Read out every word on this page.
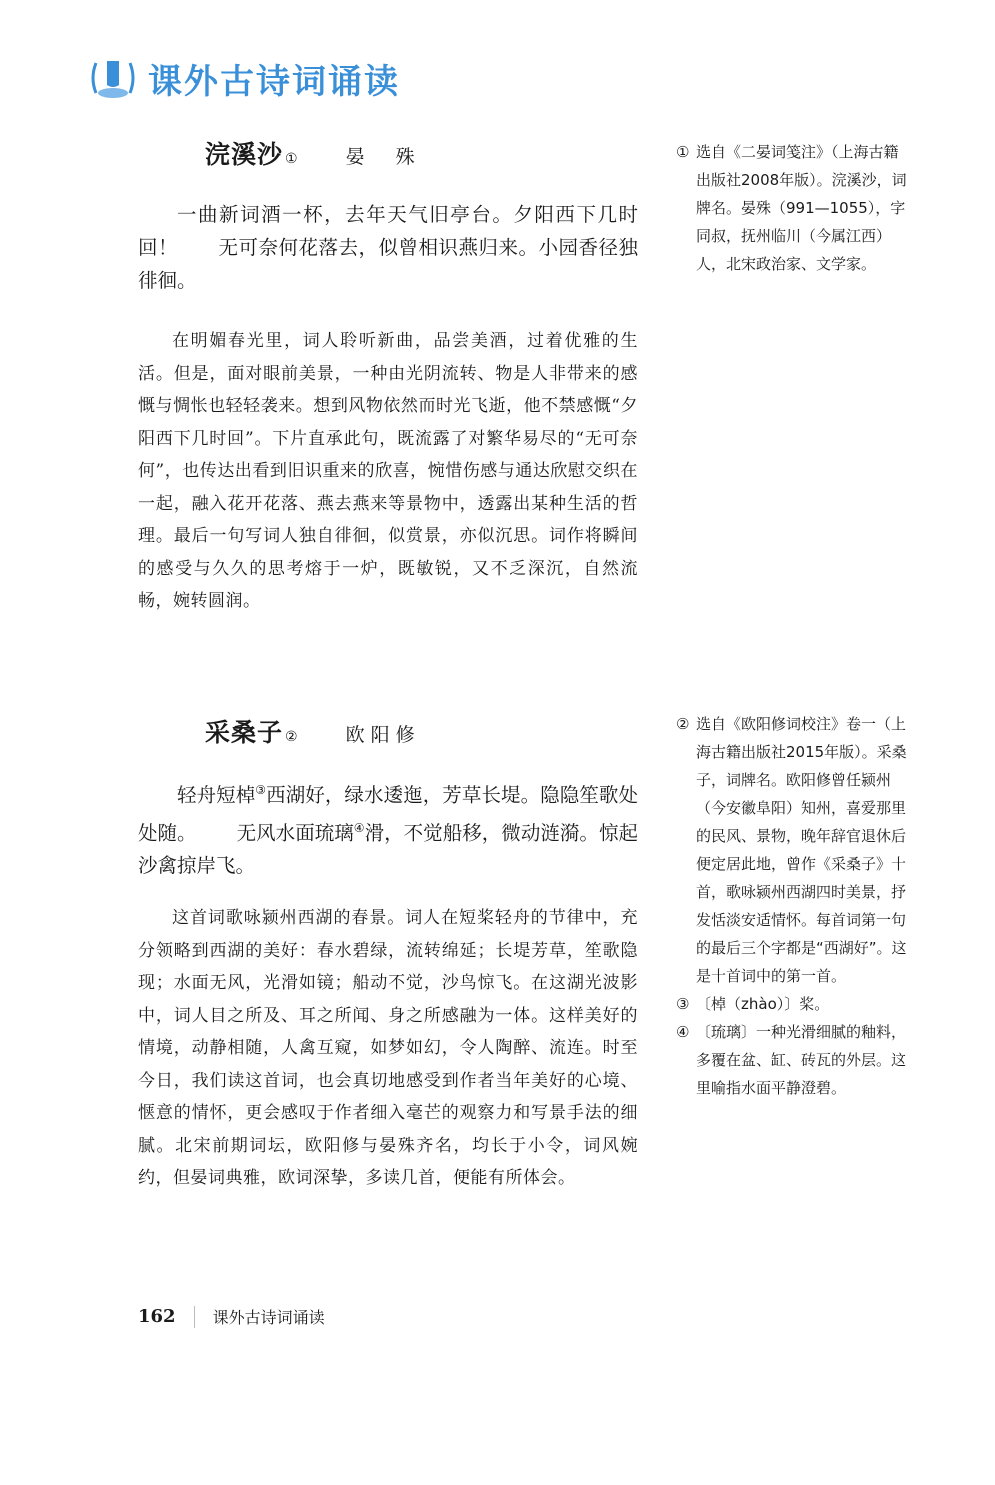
课外古诗词诵读
浣溪沙 ①	晏　殊
一曲新词酒一杯，去年天气旧亭台。夕阳西下几时回！ 无可奈何花落去，似曾相识燕归来。小园香径独徘徊。
在明媚春光里，词人聆听新曲，品尝美酒，过着优雅的生活。但是，面对眼前美景，一种由光阴流转、物是人非带来的感慨与惆怅也轻轻袭来。想到风物依然而时光飞逝，他不禁感慨“夕阳西下几时回”。下片直承此句，既流露了对繁华易尽的“无可奈何”，也传达出看到旧识重来的欣喜，惋惜伤感与通达欣慰交织在一起，融入花开花落、燕去燕来等景物中，透露出某种生活的哲理。最后一句写词人独自徘徊，似赏景，亦似沉思。词作将瞬间的感受与久久的思考熔于一炉，既敏锐，又不乏深沉，自然流畅，婉转圆润。
采桑子 ②	欧阳修
轻舟短棹③西湖好，绿水逶迤，芳草长堤。隐隐笙歌处处随。 无风水面琉璃④滑，不觉船移，微动涟漪。惊起沙禽掠岸飞。
这首词歌咏颍州西湖的春景。词人在短桨轻舟的节律中，充分领略到西湖的美好：春水碧绿，流转绵延；长堤芳草，笙歌隐现；水面无风，光滑如镜；船动不觉，沙鸟惊飞。在这湖光波影中，词人目之所及、耳之所闻、身之所感融为一体。这样美好的情境，动静相随，人禽互窥，如梦如幻，令人陶醉、流连。时至今日，我们读这首词，也会真切地感受到作者当年美好的心境、惬意的情怀，更会感叹于作者细入毫芒的观察力和写景手法的细腻。北宋前期词坛，欧阳修与晏殊齐名，均长于小令，词风婉约，但晏词典雅，欧词深挚，多读几首，便能有所体会。
① 选自《二晏词笺注》（上海古籍出版社2008年版）。浣溪沙，词牌名。晏殊（991—1055），字同叔，抚州临川（今属江西）人，北宋政治家、文学家。
② 选自《欧阳修词校注》卷一（上海古籍出版社2015年版）。采桑子，词牌名。欧阳修曾任颍州（今安徽阜阳）知州，喜爱那里的民风、景物，晚年辞官退休后便定居此地，曾作《采桑子》十首，歌咏颍州西湖四时美景，抒发恬淡安适情怀。每首词第一句的最后三个字都是“西湖好”。这是十首词中的第一首。
③ 〔棹（zhào）〕桨。
④ 〔琉璃〕一种光滑细腻的釉料，多覆在盆、缸、砖瓦的外层。这里喻指水面平静澄碧。
162 课外古诗词诵读
